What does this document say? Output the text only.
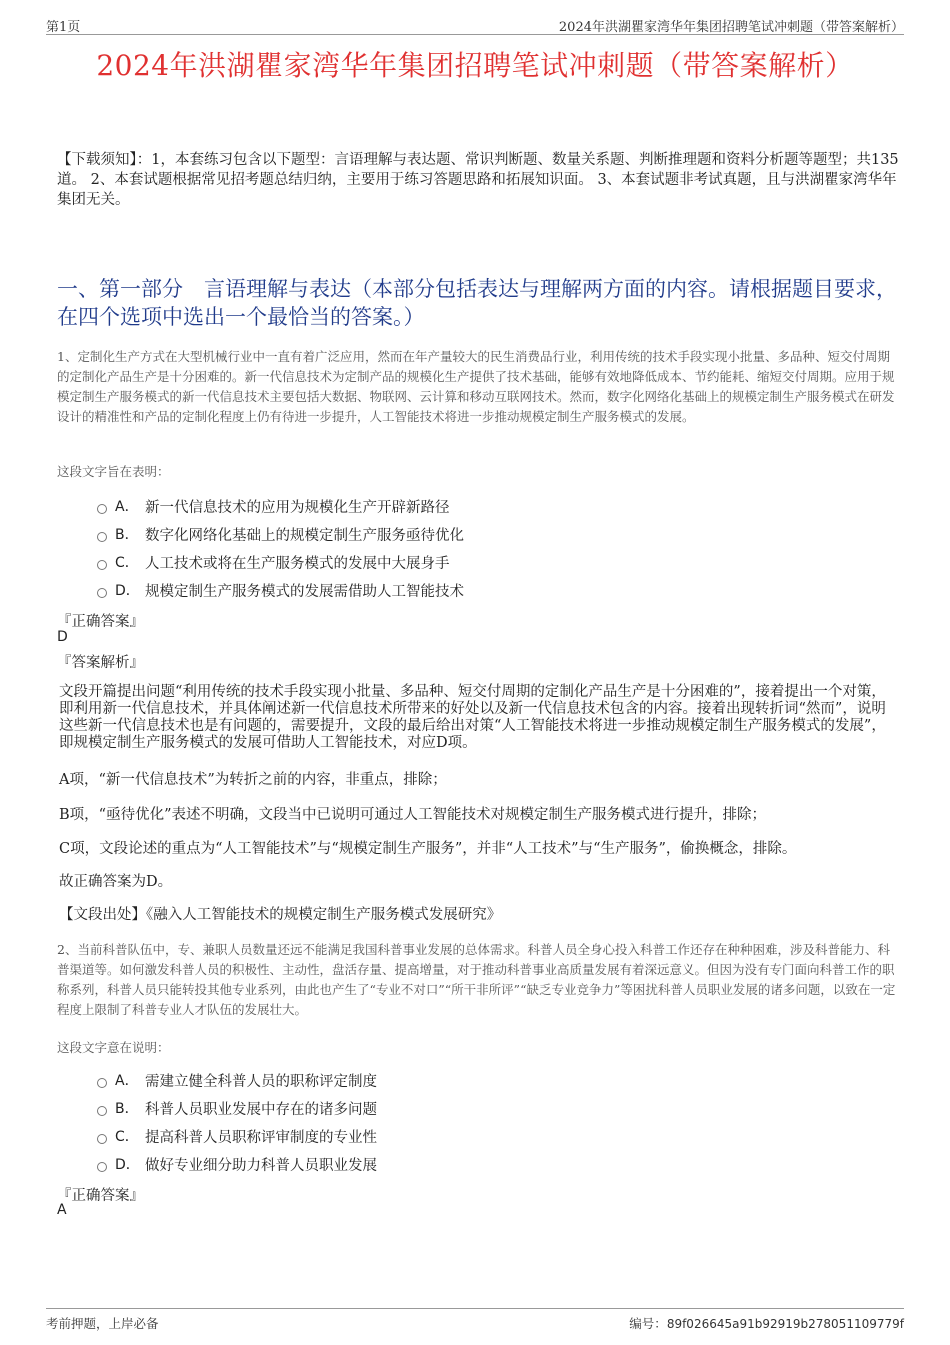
第1页	2024年洪湖瞿家湾华年集团招聘笔试冲刺题（带答案解析）
2024年洪湖瞿家湾华年集团招聘笔试冲刺题（带答案解析）
【下载须知】：1，本套练习包含以下题型：言语理解与表达题、常识判断题、数量关系题、判断推理题和资料分析题等题型；共135道。 2、本套试题根据常见招考题总结归纳，主要用于练习答题思路和拓展知识面。 3、本套试题非考试真题，且与洪湖瞿家湾华年集团无关。
一、第一部分　言语理解与表达（本部分包括表达与理解两方面的内容。请根据题目要求，在四个选项中选出一个最恰当的答案。）
1、定制化生产方式在大型机械行业中一直有着广泛应用，然而在年产量较大的民生消费品行业，利用传统的技术手段实现小批量、多品种、短交付周期的定制化产品生产是十分困难的。新一代信息技术为定制产品的规模化生产提供了技术基础，能够有效地降低成本、节约能耗、缩短交付周期。应用于规模定制生产服务模式的新一代信息技术主要包括大数据、物联网、云计算和移动互联网技术。然而，数字化网络化基础上的规模定制生产服务模式在研发设计的精准性和产品的定制化程度上仍有待进一步提升，人工智能技术将进一步推动规模定制生产服务模式的发展。
这段文字旨在表明：
A． 新一代信息技术的应用为规模化生产开辟新路径
B． 数字化网络化基础上的规模定制生产服务亟待优化
C． 人工技术或将在生产服务模式的发展中大展身手
D． 规模定制生产服务模式的发展需借助人工智能技术
『正确答案』
D
『答案解析』
文段开篇提出问题“利用传统的技术手段实现小批量、多品种、短交付周期的定制化产品生产是十分困难的”，接着提出一个对策，即利用新一代信息技术，并具体阐述新一代信息技术所带来的好处以及新一代信息技术包含的内容。接着出现转折词“然而”，说明这些新一代信息技术也是有问题的，需要提升，文段的最后给出对策“人工智能技术将进一步推动规模定制生产服务模式的发展”，即规模定制生产服务模式的发展可借助人工智能技术，对应D项。
A项，“新一代信息技术”为转折之前的内容，非重点，排除；
B项，“亟待优化”表述不明确，文段当中已说明可通过人工智能技术对规模定制生产服务模式进行提升，排除；
C项，文段论述的重点为“人工智能技术”与“规模定制生产服务”，并非“人工技术”与“生产服务”，偷换概念，排除。
故正确答案为D。
【文段出处】《融入人工智能技术的规模定制生产服务模式发展研究》
2、当前科普队伍中，专、兼职人员数量还远不能满足我国科普事业发展的总体需求。科普人员全身心投入科普工作还存在种种困难，涉及科普能力、科普渠道等。如何激发科普人员的积极性、主动性，盘活存量、提高增量，对于推动科普事业高质量发展有着深远意义。但因为没有专门面向科普工作的职称系列，科普人员只能转投其他专业系列，由此也产生了“专业不对口”“所干非所评”“缺乏专业竞争力”等困扰科普人员职业发展的诸多问题，以致在一定程度上限制了科普专业人才队伍的发展壮大。
这段文字意在说明：
A． 需建立健全科普人员的职称评定制度
B． 科普人员职业发展中存在的诸多问题
C． 提高科普人员职称评审制度的专业性
D． 做好专业细分助力科普人员职业发展
『正确答案』
A
考前押题，上岸必备	编号：89f026645a91b92919b278051109779f
